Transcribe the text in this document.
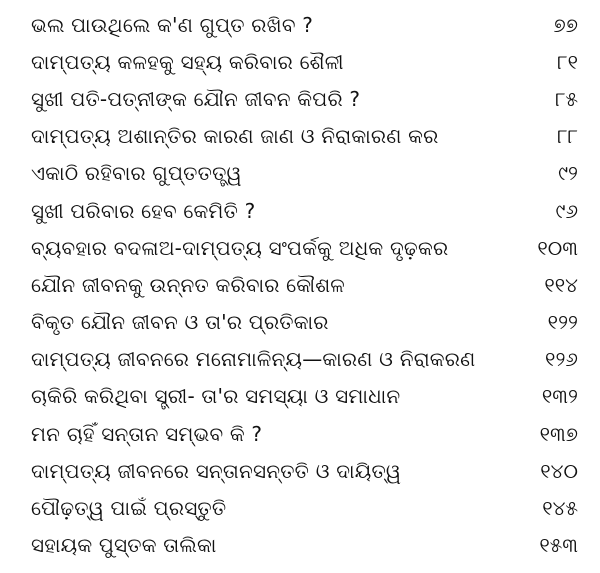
ଭଲ ପାଉଥିଲେ କ'ଣ ଗୁପ୍ତ ରଖିବ ?	୭୭
ଦାମ୍ପତ୍ୟ କଳହକୁ ସହ୍ୟ କରିବାର ଶୈଳୀ	୮୧
ସୁଖୀ ପତି-ପତ୍ନୀଙ୍କ ଯୌନ ଜୀବନ କିପରି ?	୮୫
ଦାମ୍ପତ୍ୟ ଅଶାନ୍ତିର କାରଣ ଜାଣ ଓ ନିରାକାରଣ କର	୮୮
ଏକାଠି ରହିବାର ଗୁପ୍ତତତ୍ତ୍ୱ	୯୨
ସୁଖୀ ପରିବାର ହେବ କେମିତି ?	୯୬
ବ୍ୟବହାର ବଦଳାଅ-ଦାମ୍ପତ୍ୟ ସଂପର୍କକୁ ଅଧିକ ଦୃଢ଼କର	୧୦୩
ଯୌନ ଜୀବନକୁ ଉନ୍ନତ କରିବାର କୌଶଳ	୧୧୪
ବିକୃତ ଯୌନ ଜୀବନ ଓ ତା'ର ପ୍ରତିକାର	୧୨୨
ଦାମ୍ପତ୍ୟ ଜୀବନରେ ମନୋମାଳିନ୍ୟ—କାରଣ ଓ ନିରାକରଣ	୧୨୬
ଚାକିରି କରିଥିବା ସ୍ତ୍ରୀ- ତା'ର ସମସ୍ୟା ଓ ସମାଧାନ	୧୩୨
ମନ ଚାହିଁ ସନ୍ତାନ ସମ୍ଭବ କି ?	୧୩୭
ଦାମ୍ପତ୍ୟ ଜୀବନରେ ସନ୍ତାନସନ୍ତତି ଓ ଦାୟିତ୍ୱ	୧୪୦
ପୌଢ଼ତ୍ୱ ପାଇଁ ପ୍ରସ୍ତୁତି	୧୪୫
ସହାୟକ ପୁସ୍ତକ ତାଲିକା	୧୫୩
